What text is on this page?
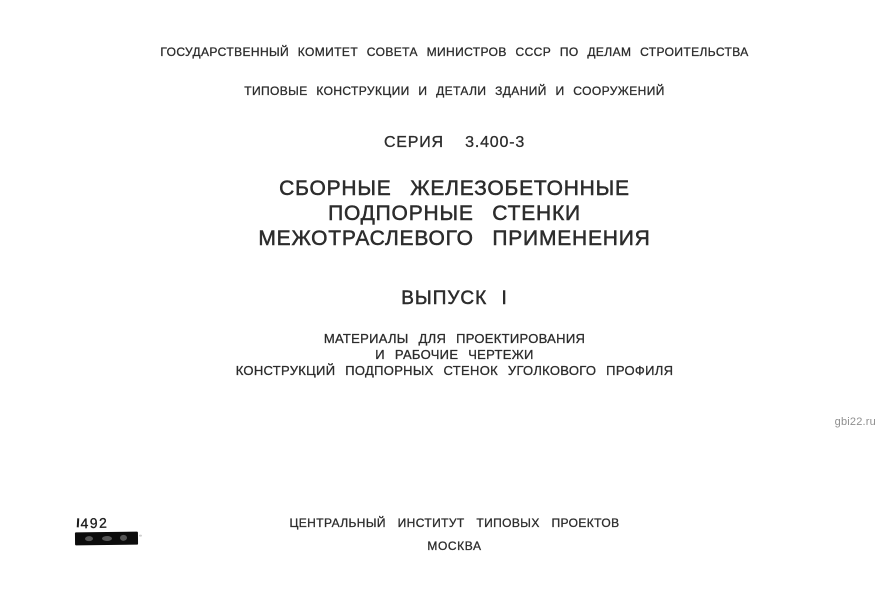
ГОСУДАРСТВЕННЫЙ КОМИТЕТ СОВЕТА МИНИСТРОВ СССР ПО ДЕЛАМ СТРОИТЕЛЬСТВА
ТИПОВЫЕ КОНСТРУКЦИИ И ДЕТАЛИ ЗДАНИЙ И СООРУЖЕНИЙ
СЕРИЯ 3.400-3
СБОРНЫЕ ЖЕЛЕЗОБЕТОННЫЕ
ПОДПОРНЫЕ СТЕНКИ
МЕЖОТРАСЛЕВОГО ПРИМЕНЕНИЯ
ВЫПУСК I
МАТЕРИАЛЫ ДЛЯ ПРОЕКТИРОВАНИЯ
И РАБОЧИЕ ЧЕРТЕЖИ
КОНСТРУКЦИЙ ПОДПОРНЫХ СТЕНОК УГОЛКОВОГО ПРОФИЛЯ
gbi22.ru
492	ЦЕНТРАЛЬНЫЙ ИНСТИТУТ ТИПОВЫХ ПРОЕКТОВ
МОСКВА
